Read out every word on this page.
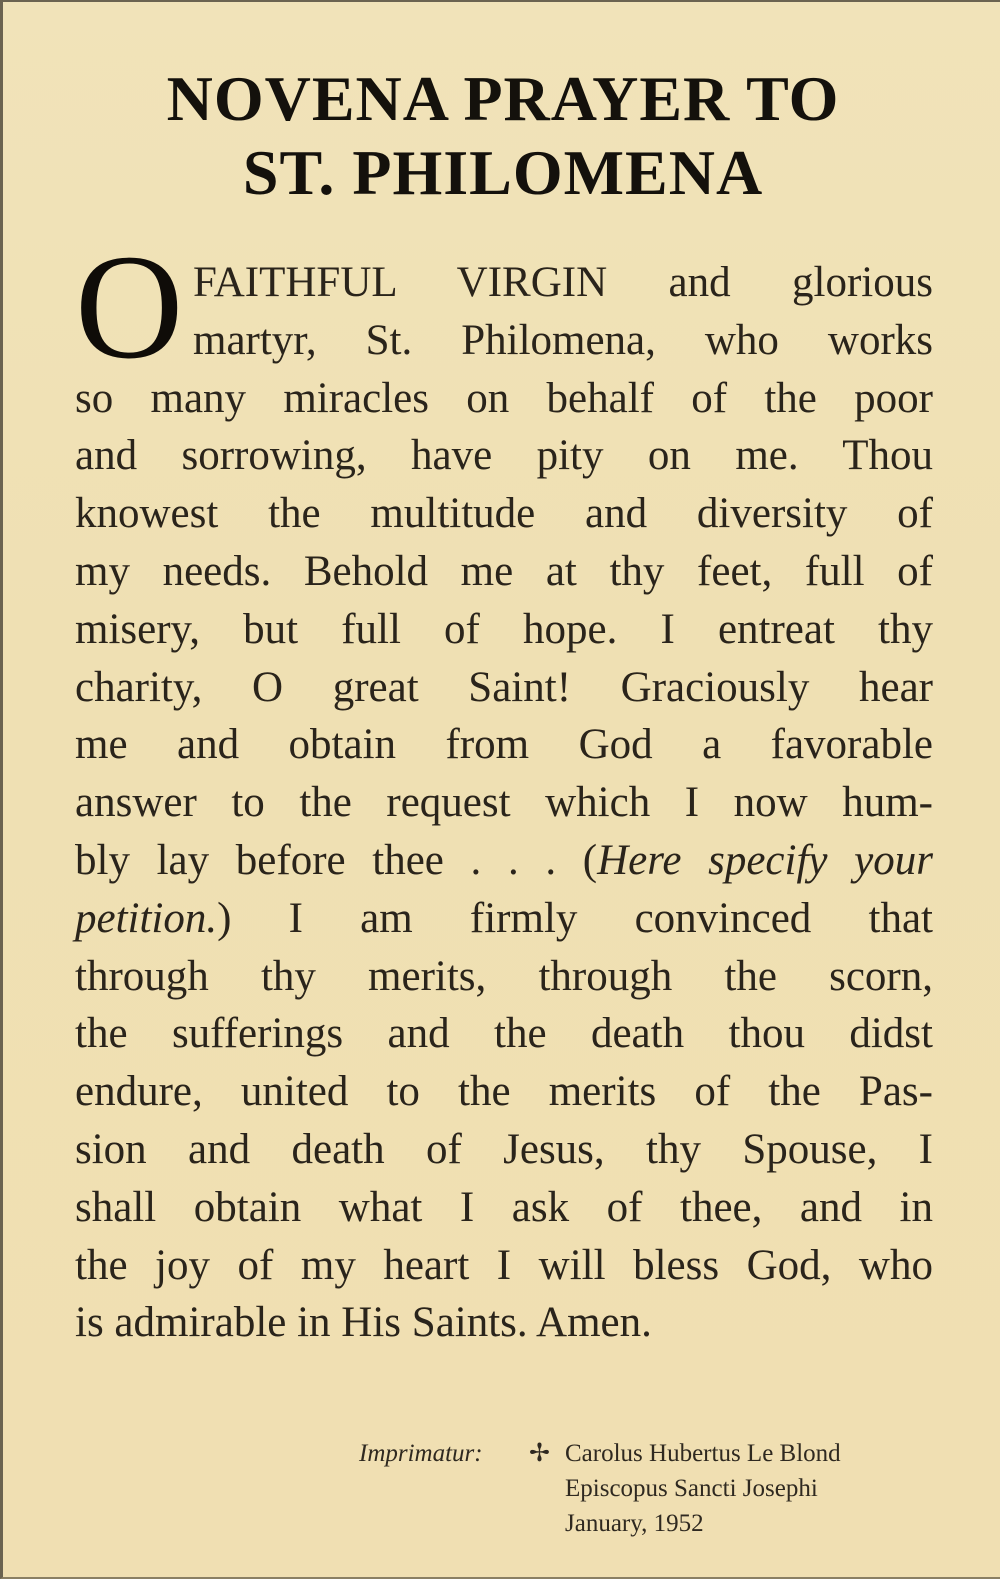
NOVENA PRAYER TO
ST. PHILOMENA
O FAITHFUL VIRGIN and glorious
martyr, St. Philomena, who works
so many miracles on behalf of the poor
and sorrowing, have pity on me. Thou
knowest the multitude and diversity of
my needs. Behold me at thy feet, full of
misery, but full of hope. I entreat thy
charity, O great Saint! Graciously hear
me and obtain from God a favorable
answer to the request which I now hum-
bly lay before thee . . . (Here specify your
petition.) I am firmly convinced that
through thy merits, through the scorn,
the sufferings and the death thou didst
endure, united to the merits of the Pas-
sion and death of Jesus, thy Spouse, I
shall obtain what I ask of thee, and in
the joy of my heart I will bless God, who
is admirable in His Saints. Amen.
Imprimatur: ✢ Carolus Hubertus Le Blond
Episcopus Sancti Josephi
January, 1952
